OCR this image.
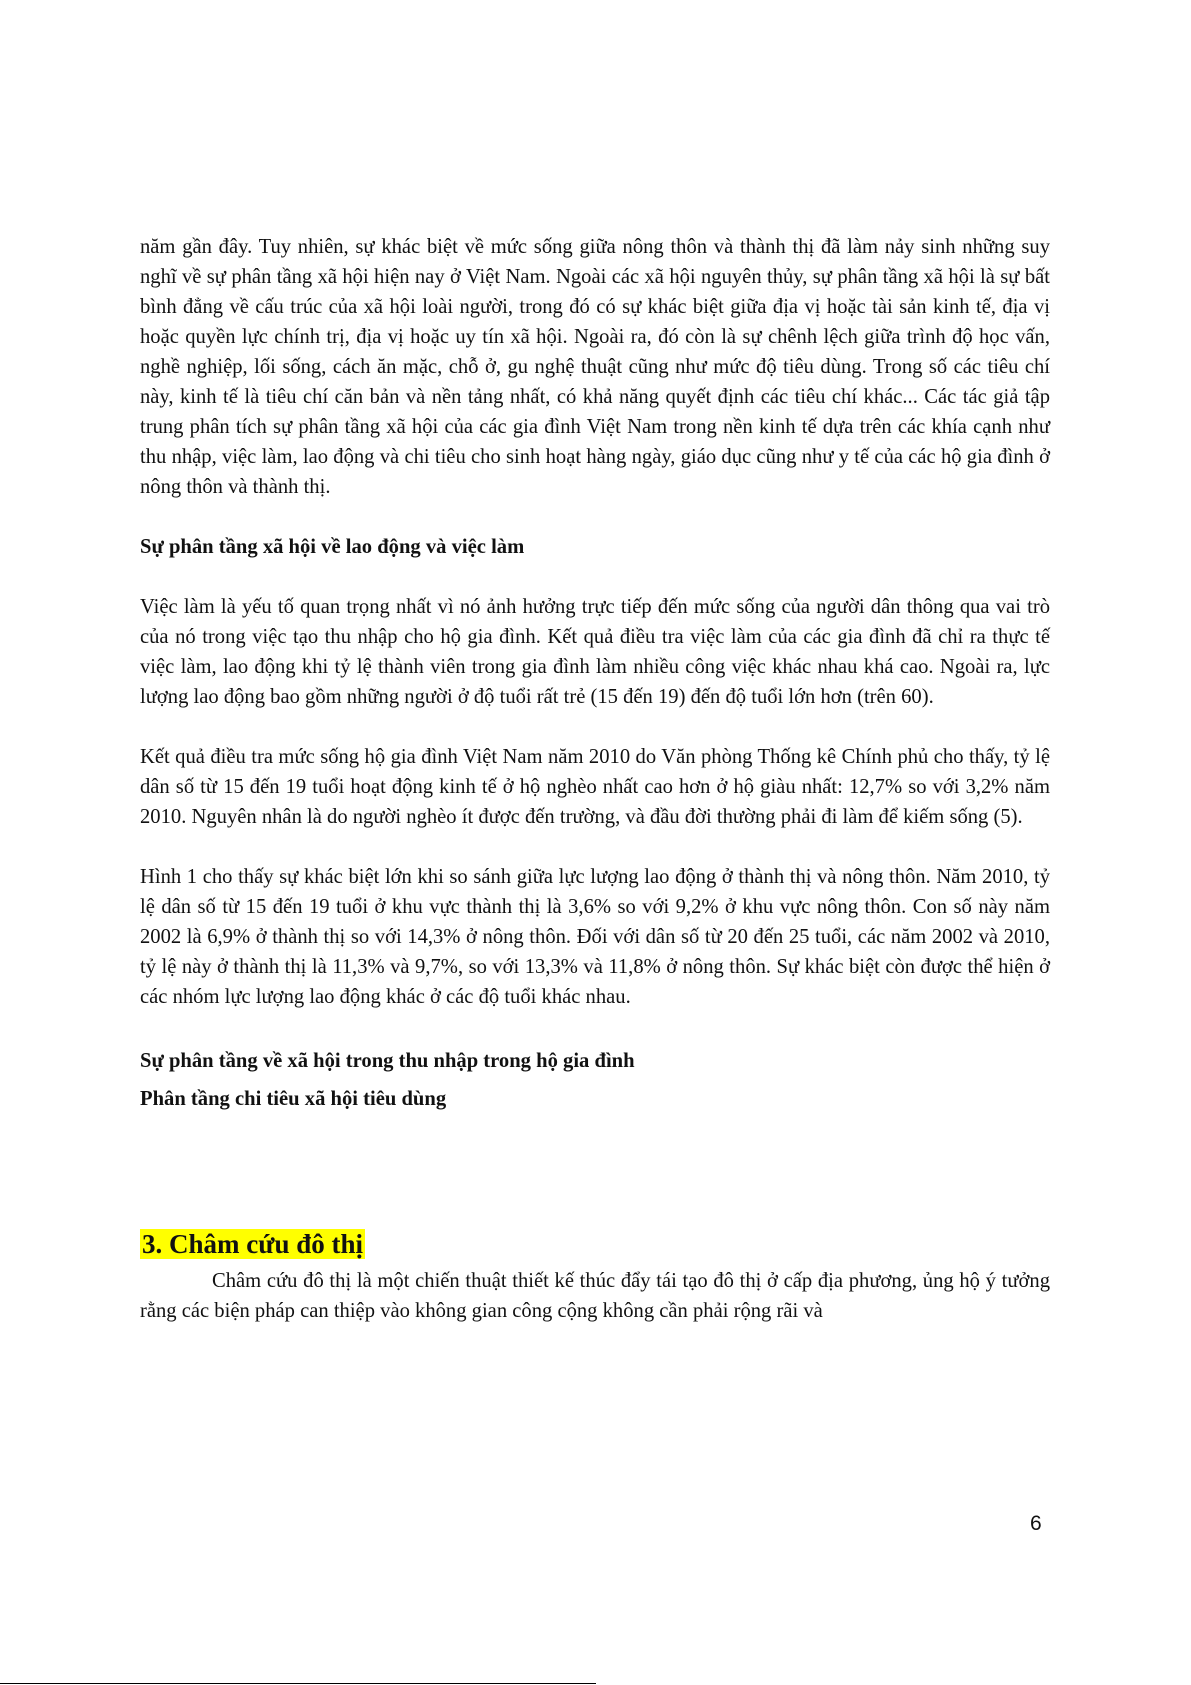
năm gần đây. Tuy nhiên, sự khác biệt về mức sống giữa nông thôn và thành thị đã làm nảy sinh những suy nghĩ về sự phân tầng xã hội hiện nay ở Việt Nam. Ngoài các xã hội nguyên thủy, sự phân tầng xã hội là sự bất bình đẳng về cấu trúc của xã hội loài người, trong đó có sự khác biệt giữa địa vị hoặc tài sản kinh tế, địa vị hoặc quyền lực chính trị, địa vị hoặc uy tín xã hội. Ngoài ra, đó còn là sự chênh lệch giữa trình độ học vấn, nghề nghiệp, lối sống, cách ăn mặc, chỗ ở, gu nghệ thuật cũng như mức độ tiêu dùng. Trong số các tiêu chí này, kinh tế là tiêu chí căn bản và nền tảng nhất, có khả năng quyết định các tiêu chí khác... Các tác giả tập trung phân tích sự phân tầng xã hội của các gia đình Việt Nam trong nền kinh tế dựa trên các khía cạnh như thu nhập, việc làm, lao động và chi tiêu cho sinh hoạt hàng ngày, giáo dục cũng như y tế của các hộ gia đình ở nông thôn và thành thị.

Sự phân tầng xã hội về lao động và việc làm

Việc làm là yếu tố quan trọng nhất vì nó ảnh hưởng trực tiếp đến mức sống của người dân thông qua vai trò của nó trong việc tạo thu nhập cho hộ gia đình. Kết quả điều tra việc làm của các gia đình đã chỉ ra thực tế việc làm, lao động khi tỷ lệ thành viên trong gia đình làm nhiều công việc khác nhau khá cao. Ngoài ra, lực lượng lao động bao gồm những người ở độ tuổi rất trẻ (15 đến 19) đến độ tuổi lớn hơn (trên 60).

Kết quả điều tra mức sống hộ gia đình Việt Nam năm 2010 do Văn phòng Thống kê Chính phủ cho thấy, tỷ lệ dân số từ 15 đến 19 tuổi hoạt động kinh tế ở hộ nghèo nhất cao hơn ở hộ giàu nhất: 12,7% so với 3,2% năm 2010. Nguyên nhân là do người nghèo ít được đến trường, và đầu đời thường phải đi làm để kiếm sống (5).

Hình 1 cho thấy sự khác biệt lớn khi so sánh giữa lực lượng lao động ở thành thị và nông thôn. Năm 2010, tỷ lệ dân số từ 15 đến 19 tuổi ở khu vực thành thị là 3,6% so với 9,2% ở khu vực nông thôn. Con số này năm 2002 là 6,9% ở thành thị so với 14,3% ở nông thôn. Đối với dân số từ 20 đến 25 tuổi, các năm 2002 và 2010, tỷ lệ này ở thành thị là 11,3% và 9,7%, so với 13,3% và 11,8% ở nông thôn. Sự khác biệt còn được thể hiện ở các nhóm lực lượng lao động khác ở các độ tuổi khác nhau.

Sự phân tầng về xã hội trong thu nhập trong hộ gia đình
Phân tầng chi tiêu xã hội tiêu dùng
3. Châm cứu đô thị

Châm cứu đô thị là một chiến thuật thiết kế thúc đẩy tái tạo đô thị ở cấp địa phương, ủng hộ ý tưởng rằng các biện pháp can thiệp vào không gian công cộng không cần phải rộng rãi và

6
